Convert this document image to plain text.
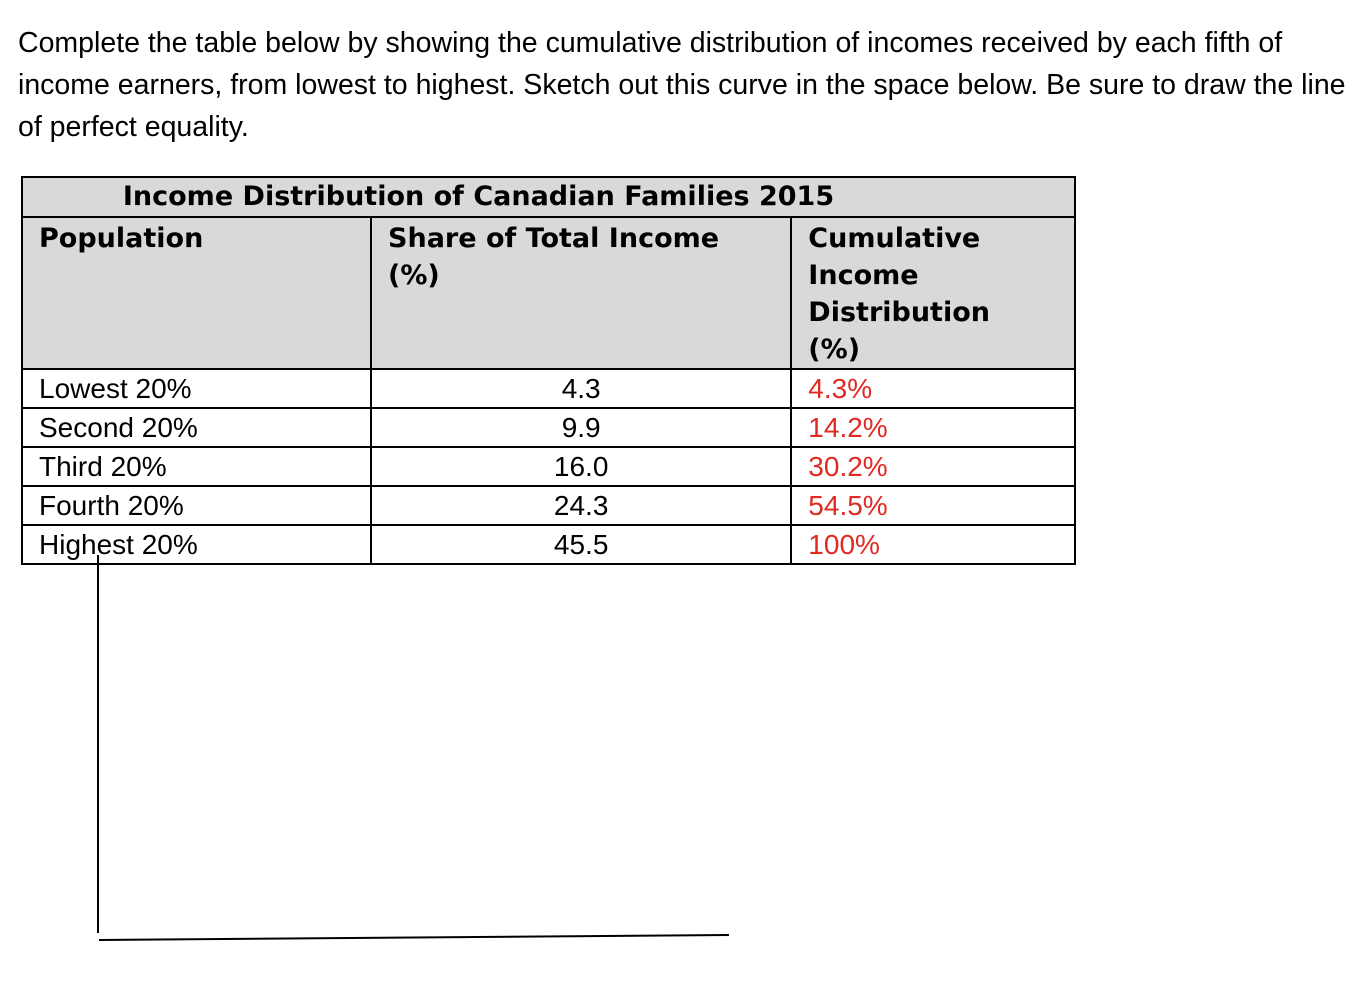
Complete the table below by showing the cumulative distribution of incomes received by each fifth of income earners, from lowest to highest. Sketch out this curve in the space below. Be sure to draw the line of perfect equality.

Income Distribution of Canadian Families 2015		
Population	Share of Total Income (%)	Cumulative Income Distribution (%)

Lowest 20%	4.3	4.3%
Second 20%	9.9	14.2%
Third 20%	16.0	30.2%
Fourth 20%	24.3	54.5%
Highest 20%	45.5	100%
